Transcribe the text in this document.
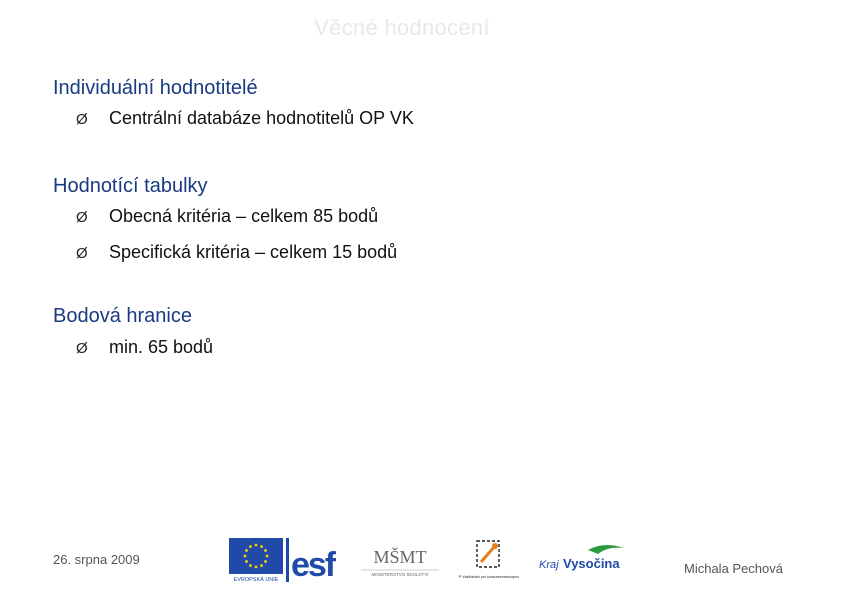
Věcné hodnocení
Individuální hodnotitelé
Ø Centrální databáze hodnotitelů OP VK
Hodnotící tabulky
Ø Obecná kritéria – celkem 85 bodů
Ø Specifická kritéria – celkem 15 bodů
Bodová hranice
Ø min. 65 bodů
26. srpna 2009
EVROPSKÁ UNIE esf MŠMT
MINISTERSTVO ŠKOLSTVÍ	OP Vzdělávání pro konkurenceschopnost
Kraj Vysočina	Michala Pechová
